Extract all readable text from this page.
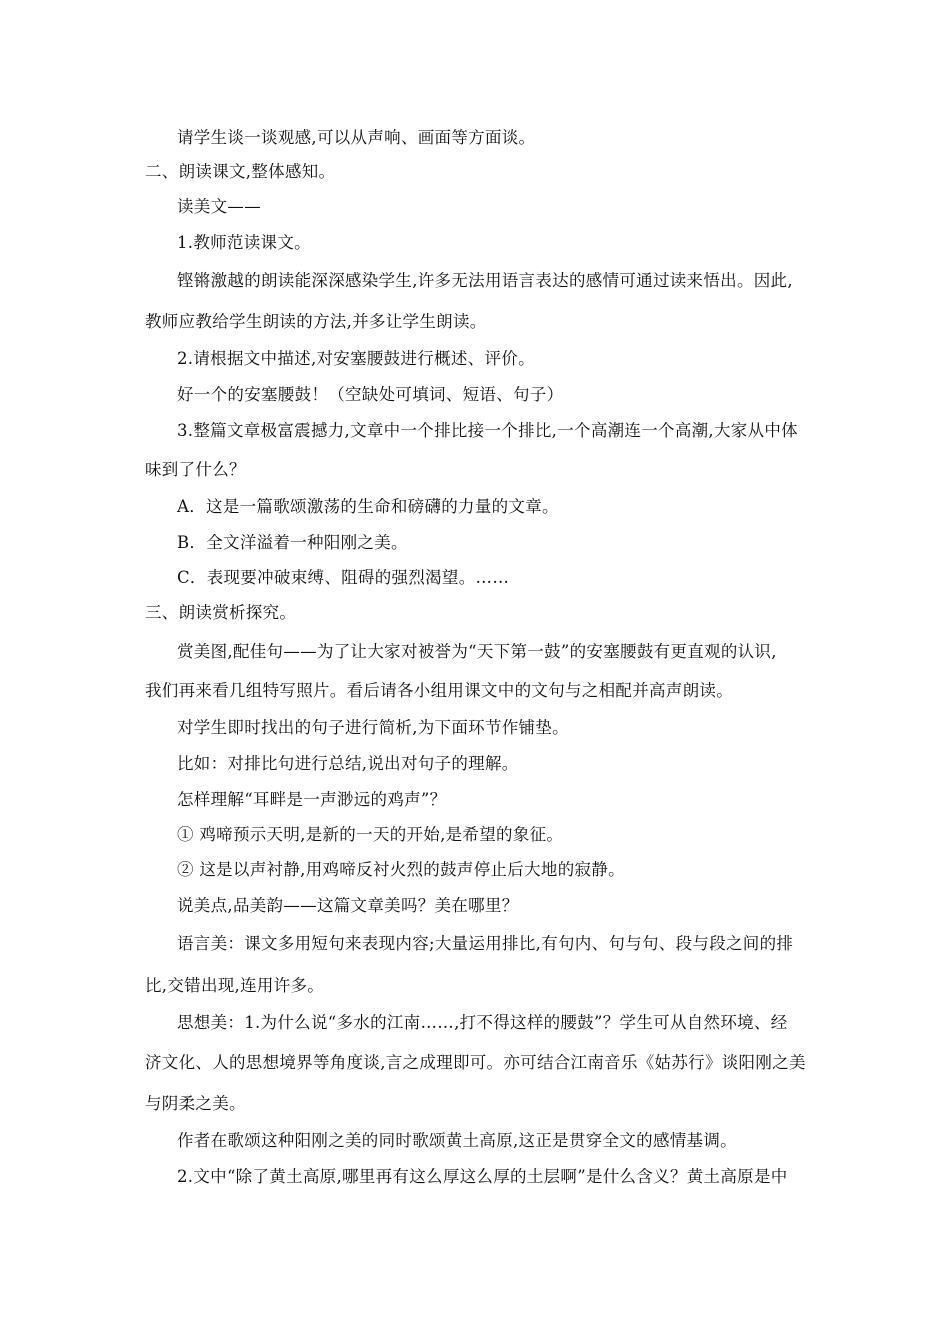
请学生谈一谈观感,可以从声响、画面等方面谈。
二、朗读课文,整体感知。
读美文——
1.教师范读课文。
铿锵激越的朗读能深深感染学生,许多无法用语言表达的感情可通过读来悟出。因此,
教师应教给学生朗读的方法,并多让学生朗读。
2.请根据文中描述,对安塞腰鼓进行概述、评价。
好一个的安塞腰鼓！（空缺处可填词、短语、句子）
3.整篇文章极富震撼力,文章中一个排比接一个排比,一个高潮连一个高潮,大家从中体
味到了什么？
A．这是一篇歌颂激荡的生命和磅礴的力量的文章。
B．全文洋溢着一种阳刚之美。
C．表现要冲破束缚、阻碍的强烈渴望。……
三、朗读赏析探究。
赏美图,配佳句——为了让大家对被誉为“天下第一鼓”的安塞腰鼓有更直观的认识,
我们再来看几组特写照片。看后请各小组用课文中的文句与之相配并高声朗读。
对学生即时找出的句子进行简析,为下面环节作铺垫。
比如：对排比句进行总结,说出对句子的理解。
怎样理解“耳畔是一声渺远的鸡声”？
① 鸡啼预示天明,是新的一天的开始,是希望的象征。
② 这是以声衬静,用鸡啼反衬火烈的鼓声停止后大地的寂静。
说美点,品美韵——这篇文章美吗？美在哪里？
语言美：课文多用短句来表现内容;大量运用排比,有句内、句与句、段与段之间的排
比,交错出现,连用许多。
思想美：1.为什么说“多水的江南……,打不得这样的腰鼓”？学生可从自然环境、经
济文化、人的思想境界等角度谈,言之成理即可。亦可结合江南音乐《姑苏行》谈阳刚之美
与阴柔之美。
作者在歌颂这种阳刚之美的同时歌颂黄土高原,这正是贯穿全文的感情基调。
2.文中“除了黄土高原,哪里再有这么厚这么厚的土层啊”是什么含义？黄土高原是中
